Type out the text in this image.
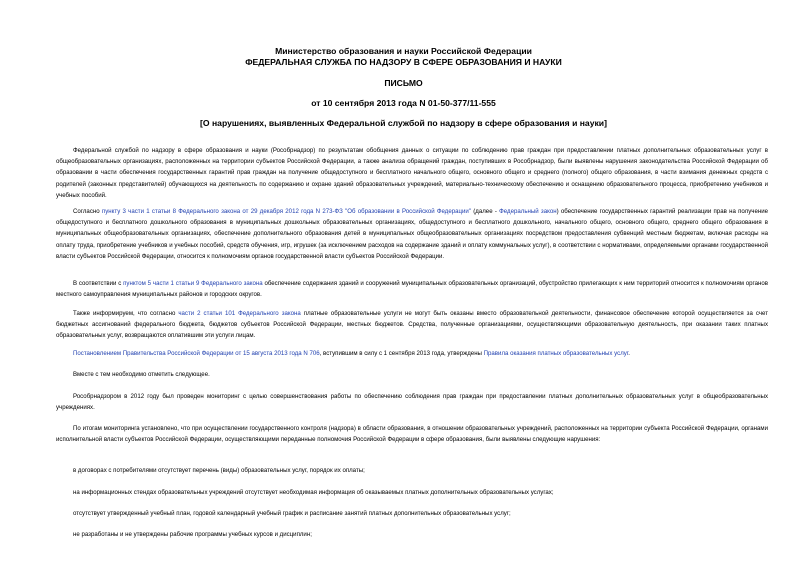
Министерство образования и науки Российской Федерации
ФЕДЕРАЛЬНАЯ СЛУЖБА ПО НАДЗОРУ В СФЕРЕ ОБРАЗОВАНИЯ И НАУКИ
ПИСЬМО
от 10 сентября 2013 года N 01-50-377/11-555
[О нарушениях, выявленных Федеральной службой по надзору в сфере образования и науки]

Федеральной службой по надзору в сфере образования и науки (Рособрнадзор) по результатам обобщения данных о ситуации по соблюдению прав граждан при предоставлении платных дополнительных образовательных услуг в общеобразовательных организациях, расположенных на территории субъектов Российской Федерации, а также анализа обращений граждан, поступивших в Рособрнадзор, были выявлены нарушения законодательства Российской Федерации об образовании в части обеспечения государственных гарантий прав граждан на получение общедоступного и бесплатного начального общего, основного общего и среднего (полного) общего образования, в части взимания денежных средств с родителей (законных представителей) обучающихся на деятельность по содержанию и охране зданий образовательных учреждений, материально-техническому обеспечению и оснащению образовательного процесса, приобретению учебников и учебных пособий.

Согласно пункту 3 части 1 статьи 8 Федерального закона от 29 декабря 2012 года N 273-ФЗ "Об образовании в Российской Федерации" (далее - Федеральный закон) обеспечение государственных гарантий реализации прав на получение общедоступного и бесплатного дошкольного образования в муниципальных дошкольных образовательных организациях, общедоступного и бесплатного дошкольного, начального общего, основного общего, среднего общего образования в муниципальных общеобразовательных организациях, обеспечение дополнительного образования детей в муниципальных общеобразовательных организациях посредством предоставления субвенций местным бюджетам, включая расходы на оплату труда, приобретение учебников и учебных пособий, средств обучения, игр, игрушек (за исключением расходов на содержание зданий и оплату коммунальных услуг), в соответствии с нормативами, определяемыми органами государственной власти субъектов Российской Федерации, относится к полномочиям органов государственной власти субъектов Российской Федерации.

В соответствии с пунктом 5 части 1 статьи 9 Федерального закона обеспечение содержания зданий и сооружений муниципальных образовательных организаций, обустройство прилегающих к ним территорий относится к полномочиям органов местного самоуправления муниципальных районов и городских округов.

Также информируем, что согласно части 2 статьи 101 Федерального закона платные образовательные услуги не могут быть оказаны вместо образовательной деятельности, финансовое обеспечение которой осуществляется за счет бюджетных ассигнований федерального бюджета, бюджетов субъектов Российской Федерации, местных бюджетов. Средства, полученные организациями, осуществляющими образовательную деятельность, при оказании таких платных образовательных услуг, возвращаются оплатившим эти услуги лицам.

Постановлением Правительства Российской Федерации от 15 августа 2013 года N 706, вступившим в силу с 1 сентября 2013 года, утверждены Правила оказания платных образовательных услуг.

Вместе с тем необходимо отметить следующее.

Рособрнадзором в 2012 году был проведен мониторинг с целью совершенствования работы по обеспечению соблюдения прав граждан при предоставлении платных дополнительных образовательных услуг в общеобразовательных учреждениях.

По итогам мониторинга установлено, что при осуществлении государственного контроля (надзора) в области образования, в отношении образовательных учреждений, расположенных на территории субъекта Российской Федерации, органами исполнительной власти субъектов Российской Федерации, осуществляющими переданные полномочия Российской Федерации в сфере образования, были выявлены следующие нарушения:

в договорах с потребителями отсутствует перечень (виды) образовательных услуг, порядок их оплаты;

на информационных стендах образовательных учреждений отсутствует необходимая информация об оказываемых платных дополнительных образовательных услугах;

отсутствует утвержденный учебный план, годовой календарный учебный график и расписание занятий платных дополнительных образовательных услуг;

не разработаны и не утверждены рабочие программы учебных курсов и дисциплин;
